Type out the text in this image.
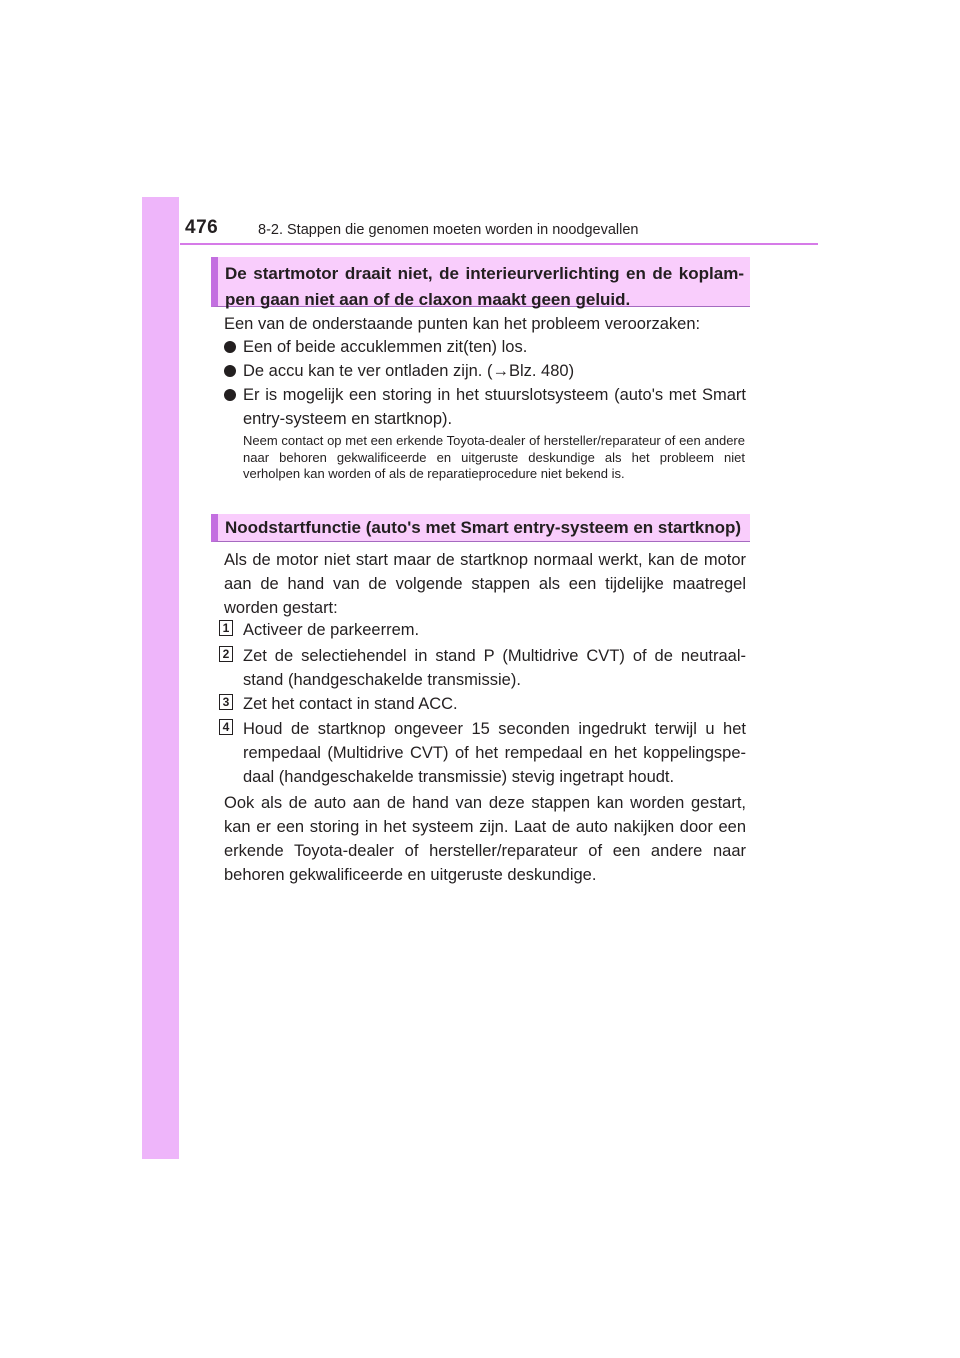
476	8-2. Stappen die genomen moeten worden in noodgevallen
De startmotor draait niet, de interieurverlichting en de koplam-
pen gaan niet aan of de claxon maakt geen geluid.
Een van de onderstaande punten kan het probleem veroorzaken:
Een of beide accuklemmen zit(ten) los.
De accu kan te ver ontladen zijn. (→Blz. 480)
Er is mogelijk een storing in het stuurslotsysteem (auto's met Smart entry-systeem en startknop).
Neem contact op met een erkende Toyota-dealer of hersteller/reparateur of een andere naar behoren gekwalificeerde en uitgeruste deskundige als het probleem niet verholpen kan worden of als de reparatieprocedure niet bekend is.
Noodstartfunctie (auto's met Smart entry-systeem en startknop)
Als de motor niet start maar de startknop normaal werkt, kan de motor aan de hand van de volgende stappen als een tijdelijke maatregel worden gestart:
1 Activeer de parkeerrem.
2 Zet de selectiehendel in stand P (Multidrive CVT) of de neutraal-stand (handgeschakelde transmissie).
3 Zet het contact in stand ACC.
4 Houd de startknop ongeveer 15 seconden ingedrukt terwijl u het rempedaal (Multidrive CVT) of het rempedaal en het koppelingspe-daal (handgeschakelde transmissie) stevig ingetrapt houdt.
Ook als de auto aan de hand van deze stappen kan worden gestart, kan er een storing in het systeem zijn. Laat de auto nakijken door een erkende Toyota-dealer of hersteller/reparateur of een andere naar behoren gekwalificeerde en uitgeruste deskundige.
